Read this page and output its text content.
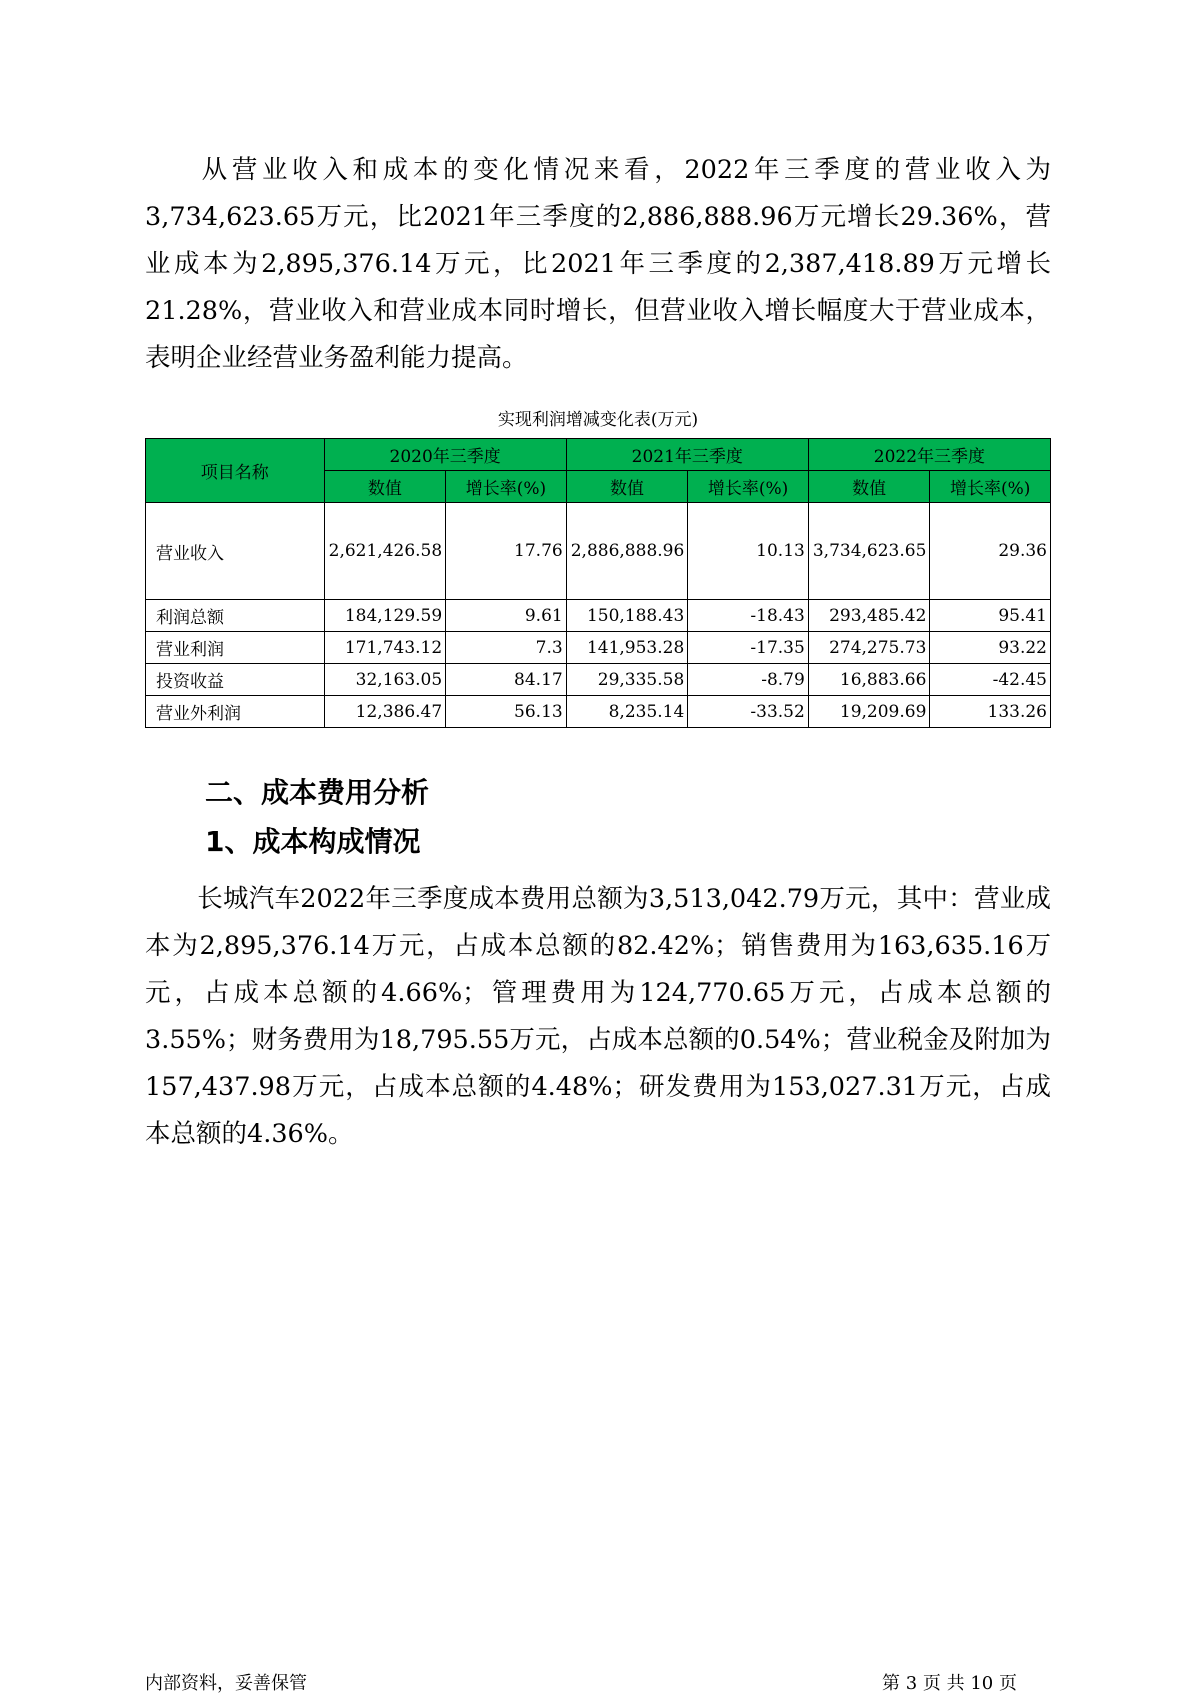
从营业收入和成本的变化情况来看，2022年三季度的营业收入为3,734,623.65万元，比2021年三季度的2,886,888.96万元增长29.36%，营业成本为2,895,376.14万元，比2021年三季度的2,387,418.89万元增长21.28%，营业收入和营业成本同时增长，但营业收入增长幅度大于营业成本，表明企业经营业务盈利能力提高。

实现利润增减变化表(万元)
项目名称	2020年三季度		2021年三季度		2022年三季度	
	数值	增长率(%)	数值	增长率(%)	数值	增长率(%)
营业收入	2,621,426.58	17.76	2,886,888.96	10.13	3,734,623.65	29.36
利润总额	184,129.59	9.61	150,188.43	-18.43	293,485.42	95.41
营业利润	171,743.12	7.3	141,953.28	-17.35	274,275.73	93.22
投资收益	32,163.05	84.17	29,335.58	-8.79	16,883.66	-42.45
营业外利润	12,386.47	56.13	8,235.14	-33.52	19,209.69	133.26
二、成本费用分析
1、成本构成情况

长城汽车2022年三季度成本费用总额为3,513,042.79万元，其中：营业成本为2,895,376.14万元，占成本总额的82.42%；销售费用为163,635.16万元，占成本总额的4.66%；管理费用为124,770.65万元，占成本总额的3.55%；财务费用为18,795.55万元，占成本总额的0.54%；营业税金及附加为157,437.98万元，占成本总额的4.48%；研发费用为153,027.31万元，占成本总额的4.36%。

内部资料，妥善保管	第 3 页 共 10 页
